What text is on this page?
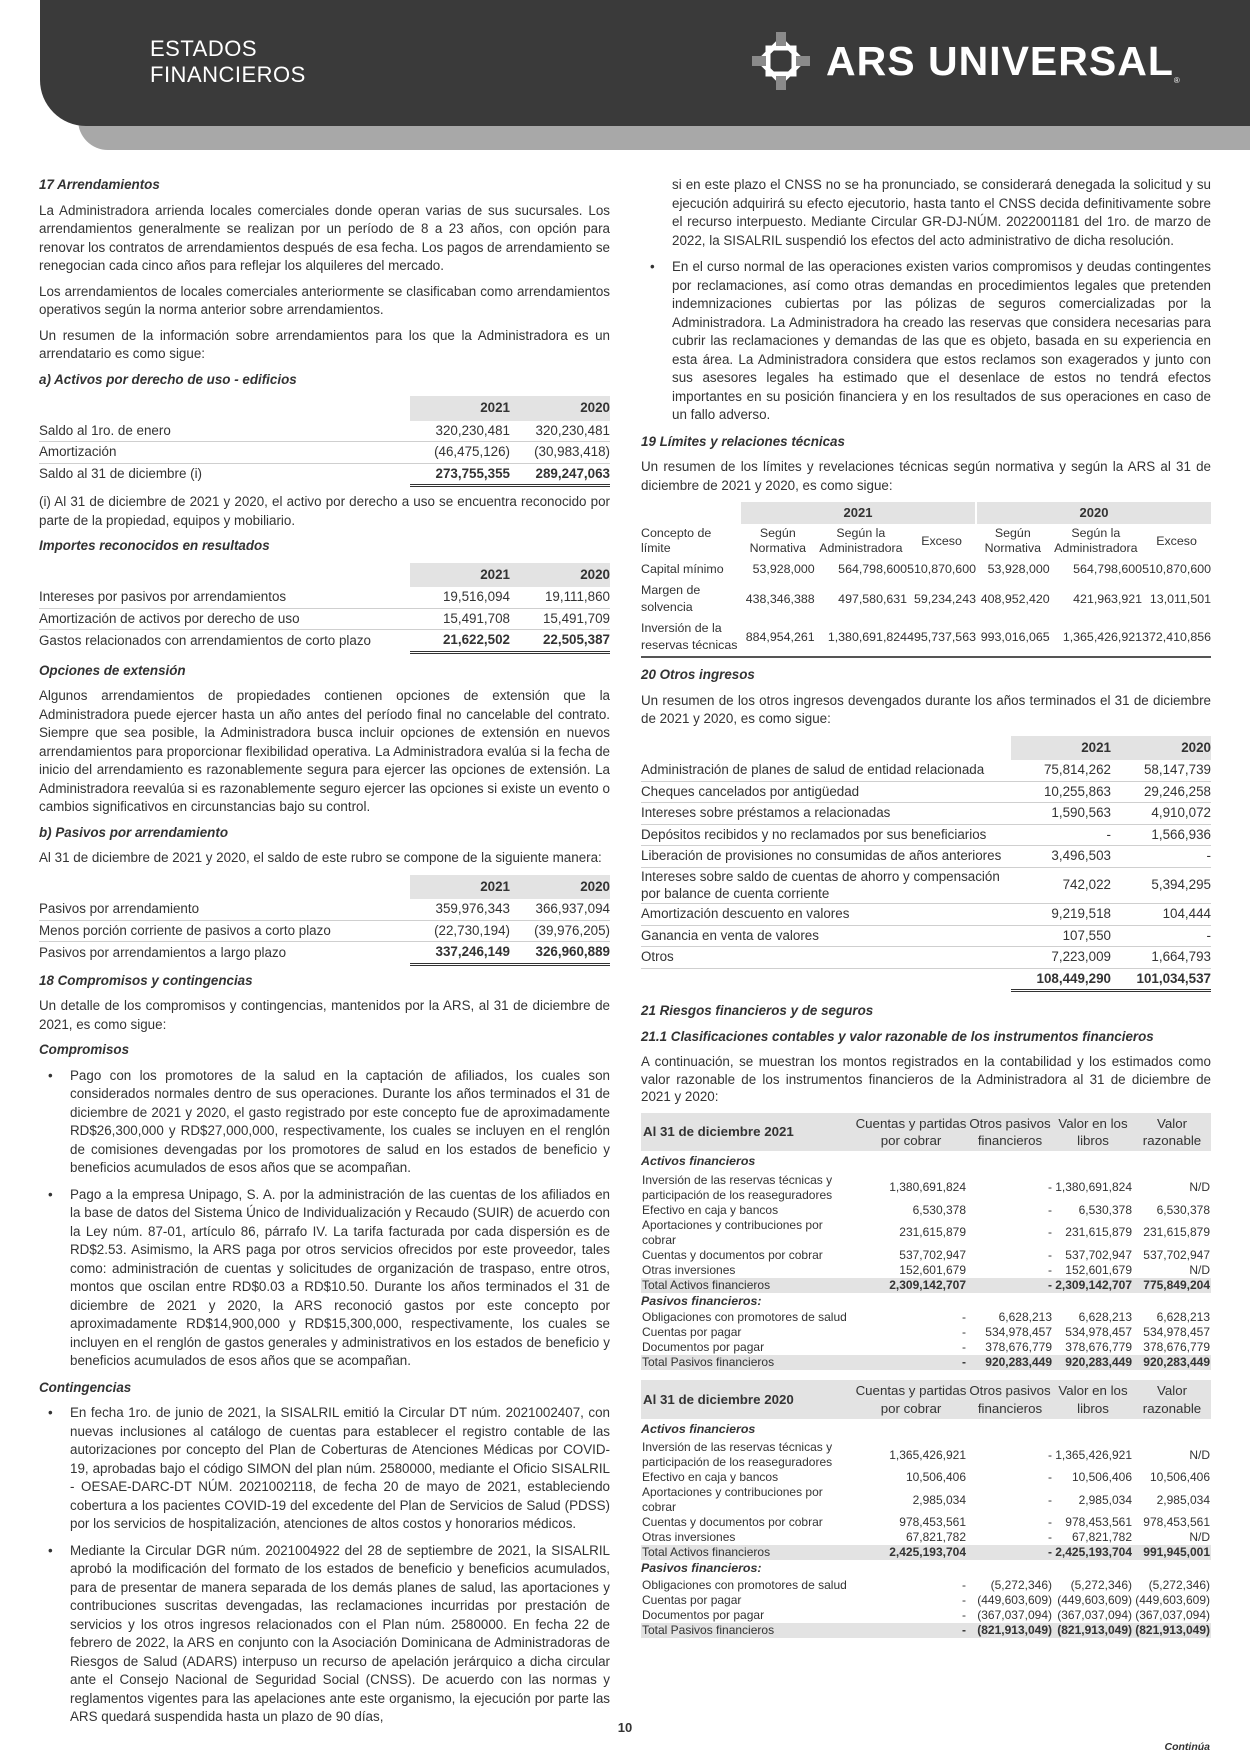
ESTADOS
FINANCIEROS	ARS UNIVERSAL ®
17 Arrendamientos

La Administradora arrienda locales comerciales donde operan varias de sus sucursales. Los arrendamientos generalmente se realizan por un período de 8 a 23 años, con opción para renovar los contratos de arrendamientos después de esa fecha. Los pagos de arrendamiento se renegocian cada cinco años para reflejar los alquileres del mercado.

Los arrendamientos de locales comerciales anteriormente se clasificaban como arrendamientos operativos según la norma anterior sobre arrendamientos.

Un resumen de la información sobre arrendamientos para los que la Administradora es un arrendatario es como sigue:

a) Activos por derecho de uso - edificios
	2021	2020
Saldo al 1ro. de enero	320,230,481	320,230,481
Amortización	(46,475,126)	(30,983,418)
Saldo al 31 de diciembre (i)	273,755,355	289,247,063

(i) Al 31 de diciembre de 2021 y 2020, el activo por derecho a uso se encuentra reconocido por parte de la propiedad, equipos y mobiliario.

Importes reconocidos en resultados
	2021	2020
Intereses por pasivos por arrendamientos	19,516,094	19,111,860
Amortización de activos por derecho de uso	15,491,708	15,491,709
Gastos relacionados con arrendamientos de corto plazo	21,622,502	22,505,387
Opciones de extensión

Algunos arrendamientos de propiedades contienen opciones de extensión que la Administradora puede ejercer hasta un año antes del período final no cancelable del contrato. Siempre que sea posible, la Administradora busca incluir opciones de extensión en nuevos arrendamientos para proporcionar flexibilidad operativa. La Administradora evalúa si la fecha de inicio del arrendamiento es razonablemente segura para ejercer las opciones de extensión. La Administradora reevalúa si es razonablemente seguro ejercer las opciones si existe un evento o cambios significativos en circunstancias bajo su control.

b) Pasivos por arrendamiento

Al 31 de diciembre de 2021 y 2020, el saldo de este rubro se compone de la siguiente manera:

	2021	2020
Pasivos por arrendamiento	359,976,343	366,937,094
Menos porción corriente de pasivos a corto plazo	(22,730,194)	(39,976,205)
Pasivos por arrendamientos a largo plazo	337,246,149	326,960,889
18 Compromisos y contingencias

Un detalle de los compromisos y contingencias, mantenidos por la ARS, al 31 de diciembre de 2021, es como sigue:

Compromisos
• Pago con los promotores de la salud en la captación de afiliados, los cuales son considerados normales dentro de sus operaciones. Durante los años terminados el 31 de diciembre de 2021 y 2020, el gasto registrado por este concepto fue de aproximadamente RD$26,300,000 y RD$27,000,000, respectivamente, los cuales se incluyen en el renglón de comisiones devengadas por los promotores de salud en los estados de beneficio y beneficios acumulados de esos años que se acompañan.
• Pago a la empresa Unipago, S. A. por la administración de las cuentas de los afiliados en la base de datos del Sistema Único de Individualización y Recaudo (SUIR) de acuerdo con la Ley núm. 87-01, artículo 86, párrafo IV. La tarifa facturada por cada dispersión es de RD$2.53. Asimismo, la ARS paga por otros servicios ofrecidos por este proveedor, tales como: administración de cuentas y solicitudes de organización de traspaso, entre otros, montos que oscilan entre RD$0.03 a RD$10.50. Durante los años terminados el 31 de diciembre de 2021 y 2020, la ARS reconoció gastos por este concepto por aproximadamente RD$14,900,000 y RD$15,300,000, respectivamente, los cuales se incluyen en el renglón de gastos generales y administrativos en los estados de beneficio y beneficios acumulados de esos años que se acompañan.
Contingencias
• En fecha 1ro. de junio de 2021, la SISALRIL emitió la Circular DT núm. 2021002407, con nuevas inclusiones al catálogo de cuentas para establecer el registro contable de las autorizaciones por concepto del Plan de Coberturas de Atenciones Médicas por COVID-19, aprobadas bajo el código SIMON del plan núm. 2580000, mediante el Oficio SISALRIL - OESAE-DARC-DT NÚM. 2021002118, de fecha 20 de mayo de 2021, estableciendo cobertura a los pacientes COVID-19 del excedente del Plan de Servicios de Salud (PDSS) por los servicios de hospitalización, atenciones de altos costos y honorarios médicos.
• Mediante la Circular DGR núm. 2021004922 del 28 de septiembre de 2021, la SISALRIL aprobó la modificación del formato de los estados de beneficio y beneficios acumulados, para de presentar de manera separada de los demás planes de salud, las aportaciones y contribuciones suscritas devengadas, las reclamaciones incurridas por prestación de servicios y los otros ingresos relacionados con el Plan núm. 2580000. En fecha 22 de febrero de 2022, la ARS en conjunto con la Asociación Dominicana de Administradoras de Riesgos de Salud (ADARS) interpuso un recurso de apelación jerárquico a dicha circular ante el Consejo Nacional de Seguridad Social (CNSS). De acuerdo con las normas y reglamentos vigentes para las apelaciones ante este organismo, la ejecución por parte las ARS quedará suspendida hasta un plazo de 90 días,
si en este plazo el CNSS no se ha pronunciado, se considerará denegada la solicitud y su ejecución adquirirá su efecto ejecutorio, hasta tanto el CNSS decida definitivamente sobre el recurso interpuesto. Mediante Circular GR-DJ-NÚM. 2022001181 del 1ro. de marzo de 2022, la SISALRIL suspendió los efectos del acto administrativo de dicha resolución.
• En el curso normal de las operaciones existen varios compromisos y deudas contingentes por reclamaciones, así como otras demandas en procedimientos legales que pretenden indemnizaciones cubiertas por las pólizas de seguros comercializadas por la Administradora. La Administradora ha creado las reservas que considera necesarias para cubrir las reclamaciones y demandas de las que es objeto, basada en su experiencia en esta área. La Administradora considera que estos reclamos son exagerados y junto con sus asesores legales ha estimado que el desenlace de estos no tendrá efectos importantes en su posición financiera y en los resultados de sus operaciones en caso de un fallo adverso.
19 Límites y relaciones técnicas

Un resumen de los límites y revelaciones técnicas según normativa y según la ARS al 31 de diciembre de 2021 y 2020, es como sigue:

	2021			2020		
Concepto de límite	Según Normativa	Según la Administradora	Exceso	Según Normativa	Según la Administradora	Exceso
Capital mínimo	53,928,000	564,798,600	510,870,600	53,928,000	564,798,600	510,870,600
Margen de solvencia	438,346,388	497,580,631	59,234,243	408,952,420	421,963,921	13,011,501
Inversión de la reservas técnicas	884,954,261	1,380,691,824	495,737,563	993,016,065	1,365,426,921	372,410,856
20 Otros ingresos

Un resumen de los otros ingresos devengados durante los años terminados el 31 de diciembre de 2021 y 2020, es como sigue:

	2021	2020
Administración de planes de salud de entidad relacionada	75,814,262	58,147,739
Cheques cancelados por antigüedad	10,255,863	29,246,258
Intereses sobre préstamos a relacionadas	1,590,563	4,910,072
Depósitos recibidos y no reclamados por sus beneficiarios	-	1,566,936
Liberación de provisiones no consumidas de años anteriores	3,496,503	-
Intereses sobre saldo de cuentas de ahorro y compensación por balance de cuenta corriente	742,022	5,394,295
Amortización descuento en valores	9,219,518	104,444
Ganancia en venta de valores	107,550	-
Otros	7,223,009	1,664,793
	108,449,290	101,034,537
21 Riesgos financieros y de seguros
21.1 Clasificaciones contables y valor razonable de los instrumentos financieros

A continuación, se muestran los montos registrados en la contabilidad y los estimados como valor razonable de los instrumentos financieros de la Administradora al 31 de diciembre de 2021 y 2020:

Al 31 de diciembre 2021	Cuentas y partidas por cobrar	Otros pasivos financieros	Valor en los libros	Valor razonable
Activos financieros				
Inversión de las reservas técnicas y participación de los reaseguradores	1,380,691,824	-	1,380,691,824	N/D
Efectivo en caja y bancos	6,530,378	-	6,530,378	6,530,378
Aportaciones y contribuciones por cobrar	231,615,879	-	231,615,879	231,615,879
Cuentas y documentos por cobrar	537,702,947	-	537,702,947	537,702,947
Otras inversiones	152,601,679	-	152,601,679	N/D
Total Activos financieros	2,309,142,707	-	2,309,142,707	775,849,204
Pasivos financieros:				
Obligaciones con promotores de salud	-	6,628,213	6,628,213	6,628,213
Cuentas por pagar	-	534,978,457	534,978,457	534,978,457
Documentos por pagar	-	378,676,779	378,676,779	378,676,779
Total Pasivos financieros	-	920,283,449	920,283,449	920,283,449
Al 31 de diciembre 2020	Cuentas y partidas por cobrar	Otros pasivos financieros	Valor en los libros	Valor razonable
Activos financieros				
Inversión de las reservas técnicas y participación de los reaseguradores	1,365,426,921	-	1,365,426,921	N/D
Efectivo en caja y bancos	10,506,406	-	10,506,406	10,506,406
Aportaciones y contribuciones por cobrar	2,985,034	-	2,985,034	2,985,034
Cuentas y documentos por cobrar	978,453,561	-	978,453,561	978,453,561
Otras inversiones	67,821,782	-	67,821,782	N/D
Total Activos financieros	2,425,193,704	-	2,425,193,704	991,945,001
Pasivos financieros:				
Obligaciones con promotores de salud	-	(5,272,346)	(5,272,346)	(5,272,346)
Cuentas por pagar	-	(449,603,609)	(449,603,609)	(449,603,609)
Documentos por pagar	-	(367,037,094)	(367,037,094)	(367,037,094)
Total Pasivos financieros	-	(821,913,049)	(821,913,049)	(821,913,049)
10
Continúa
